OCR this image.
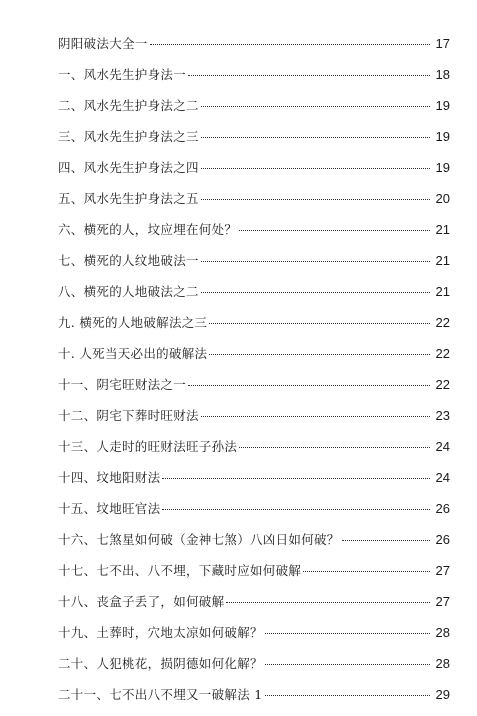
阴阳破法大全一	17
一、风水先生护身法一	18
二、风水先生护身法之二	19
三、风水先生护身法之三	19
四、风水先生护身法之四	19
五、风水先生护身法之五	20
六、横死的人，坟应埋在何处？	21
七、横死的人纹地破法一	21
八、横死的人地破法之二	21
九. 横死的人地破解法之三	22
十. 人死当天必出的破解法	22
十一、阴宅旺财法之一	22
十二、阴宅下葬时旺财法	23
十三、人走时的旺财法旺子孙法	24
十四、坟地阳财法	24
十五、坟地旺官法	26
十六、七煞星如何破（金神七煞）八凶日如何破？	26
十七、七不出、八不埋，下藏时应如何破解	27
十八、丧盒子丢了，如何破解	27
十九、土葬时，穴地太凉如何破解？	28
二十、人犯桃花，损阴德如何化解？	28
二十一、七不出八不埋又一破解法 1	29
